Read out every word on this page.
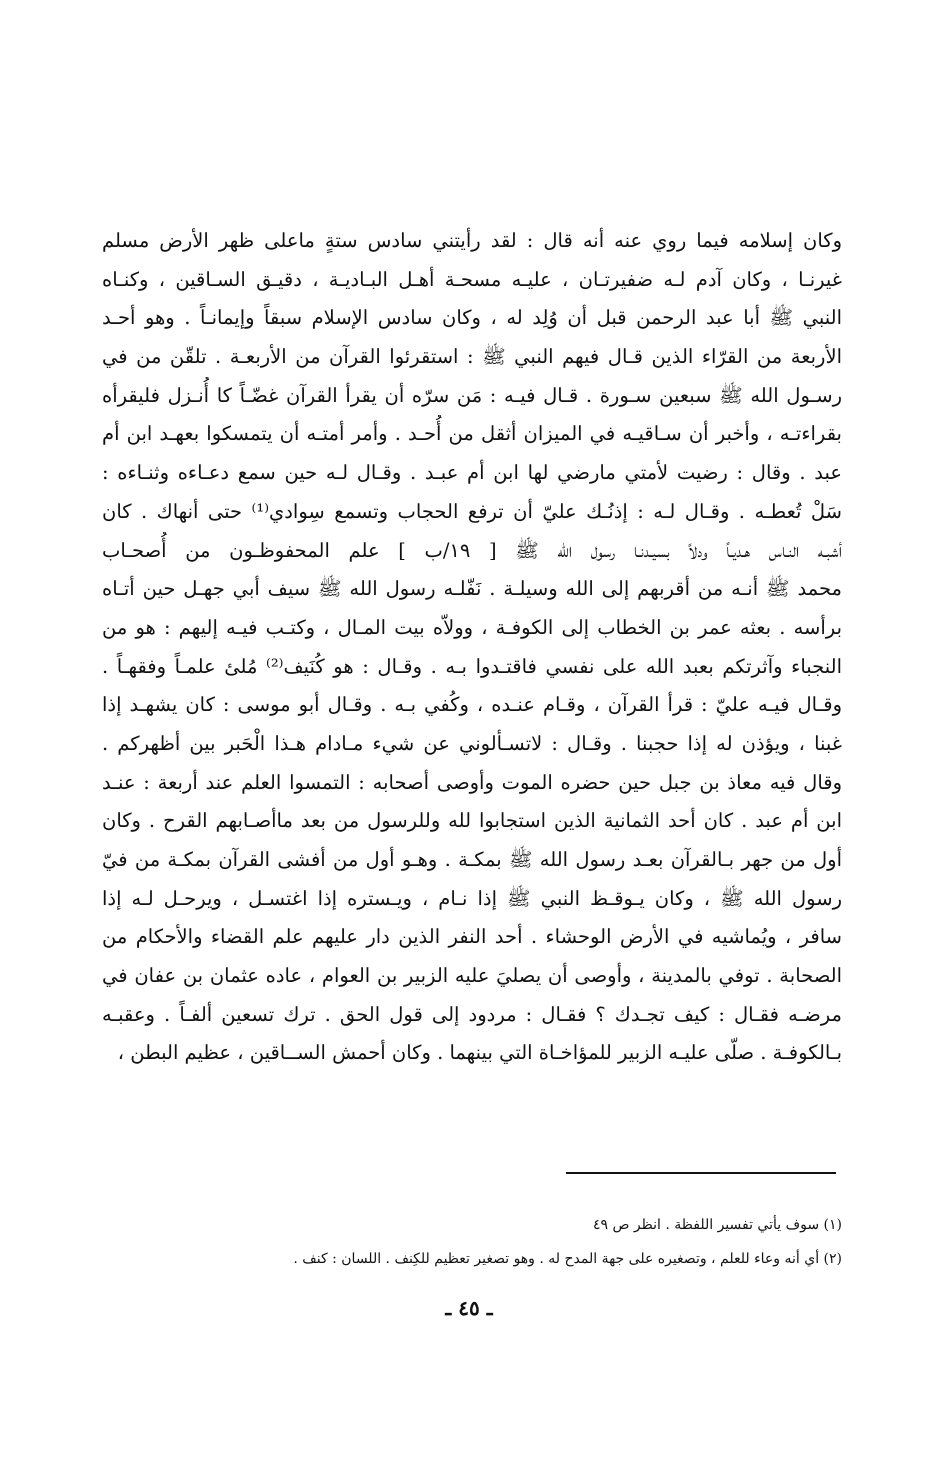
وكان إسلامه فيما روي عنه أنه قال : لقد رأيتني سادس ستةٍ ماعلى ظهر الأرض مسلم
غيرنـا ، وكان آدم لـه ضفيرتـان ، عليـه مسحـة أهـل البـاديـة ، دقيـق السـاقين ، وكنـاه
النبي ﷺ أبا عبد الرحمن قبل أن وُلِد له ، وكان سادس الإسلام سبقاً وإيمانـاً . وهو أحـد
الأربعة من القرّاء الذين قـال فيهم النبي ﷺ : استقرئوا القرآن من الأربعـة . تلقّن من في
رسـول الله ﷺ سبعين سـورة . قـال فيـه : مَن سرّه أن يقرأ القرآن غضّـاً كا أُنـزل فليقرأه
بقراءتـه ، وأخبر أن سـاقيـه في الميزان أثقل من أُحـد . وأمر أمتـه أن يتمسكوا بعهـد ابن أم
عبد . وقال : رضيت لأمتي مارضي لها ابن أم عبـد . وقـال لـه حين سمع دعـاءه وثنـاءه :
سَلْ تُعطـه . وقـال لـه : إذنُـك عليّ أن ترفع الحجاب وتسمع سِوادي⁽¹⁾ حتى أنهاك . كان
أشبـه النـاس هـديـاً ودلاً بسيـدنـا رسول الله ﷺ [ ١٩/ب ] علم المحفوظـون من أُصحـاب
محمد ﷺ أنـه من أقربهم إلى الله وسيلـة . نَفّلـه رسول الله ﷺ سيف أبي جهـل حين أتـاه
برأسه . بعثه عمر بن الخطاب إلى الكوفـة ، وولاّه بيت المـال ، وكتـب فيـه إليهم : هو من
النجباء وآثرتكم بعبد الله على نفسي فاقتـدوا بـه . وقـال : هو كُنَيف⁽²⁾ مُلئ علمـاً وفقهـاً .
وقـال فيـه عليّ : قرأ القرآن ، وقـام عنـده ، وكُفي بـه . وقـال أبو موسى : كان يشهـد إذا
غبنا ، ويؤذن له إذا حجبنا . وقـال : لاتسـألوني عن شيء مـادام هـذا الْحَبر بين أظهركم .
وقال فيه معاذ بن جبل حين حضره الموت وأوصى أصحابه : التمسوا العلم عند أربعة : عنـد
ابن أم عبد . كان أحد الثمانية الذين استجابوا لله وللرسول من بعد ماأصـابهم القرح . وكان
أول من جهر بـالقرآن بعـد رسول الله ﷺ بمكـة . وهـو أول من أفشى القرآن بمكـة من فيّ
رسول الله ﷺ ، وكان يـوقـظ النبي ﷺ إذا نـام ، ويـستره إذا اغتسـل ، ويرحـل لـه إذا
سافر ، ويُماشيه في الأرض الوحشاء . أحد النفر الذين دار عليهم علم القضاء والأحكام من
الصحابة . توفي بالمدينة ، وأوصى أن يصليَ عليه الزبير بن العوام ، عاده عثمان بن عفان في
مرضـه فقـال : كيف تجـدك ؟ فقـال : مردود إلى قول الحق . ترك تسعين ألفـاً . وعقبـه
بـالكوفـة . صلّى عليـه الزبير للمؤاخـاة التي بينهما . وكان أحمش الســاقين ، عظيم البطن ،
(١) سوف يأتي تفسير اللفظة . انظر ص ٤٩
(٢) أي أنه وعاء للعلم ، وتصغيره على جهة المدح له . وهو تصغير تعظيم للكِنف . اللسان : كنف .
ـ ٤٥ ـ
